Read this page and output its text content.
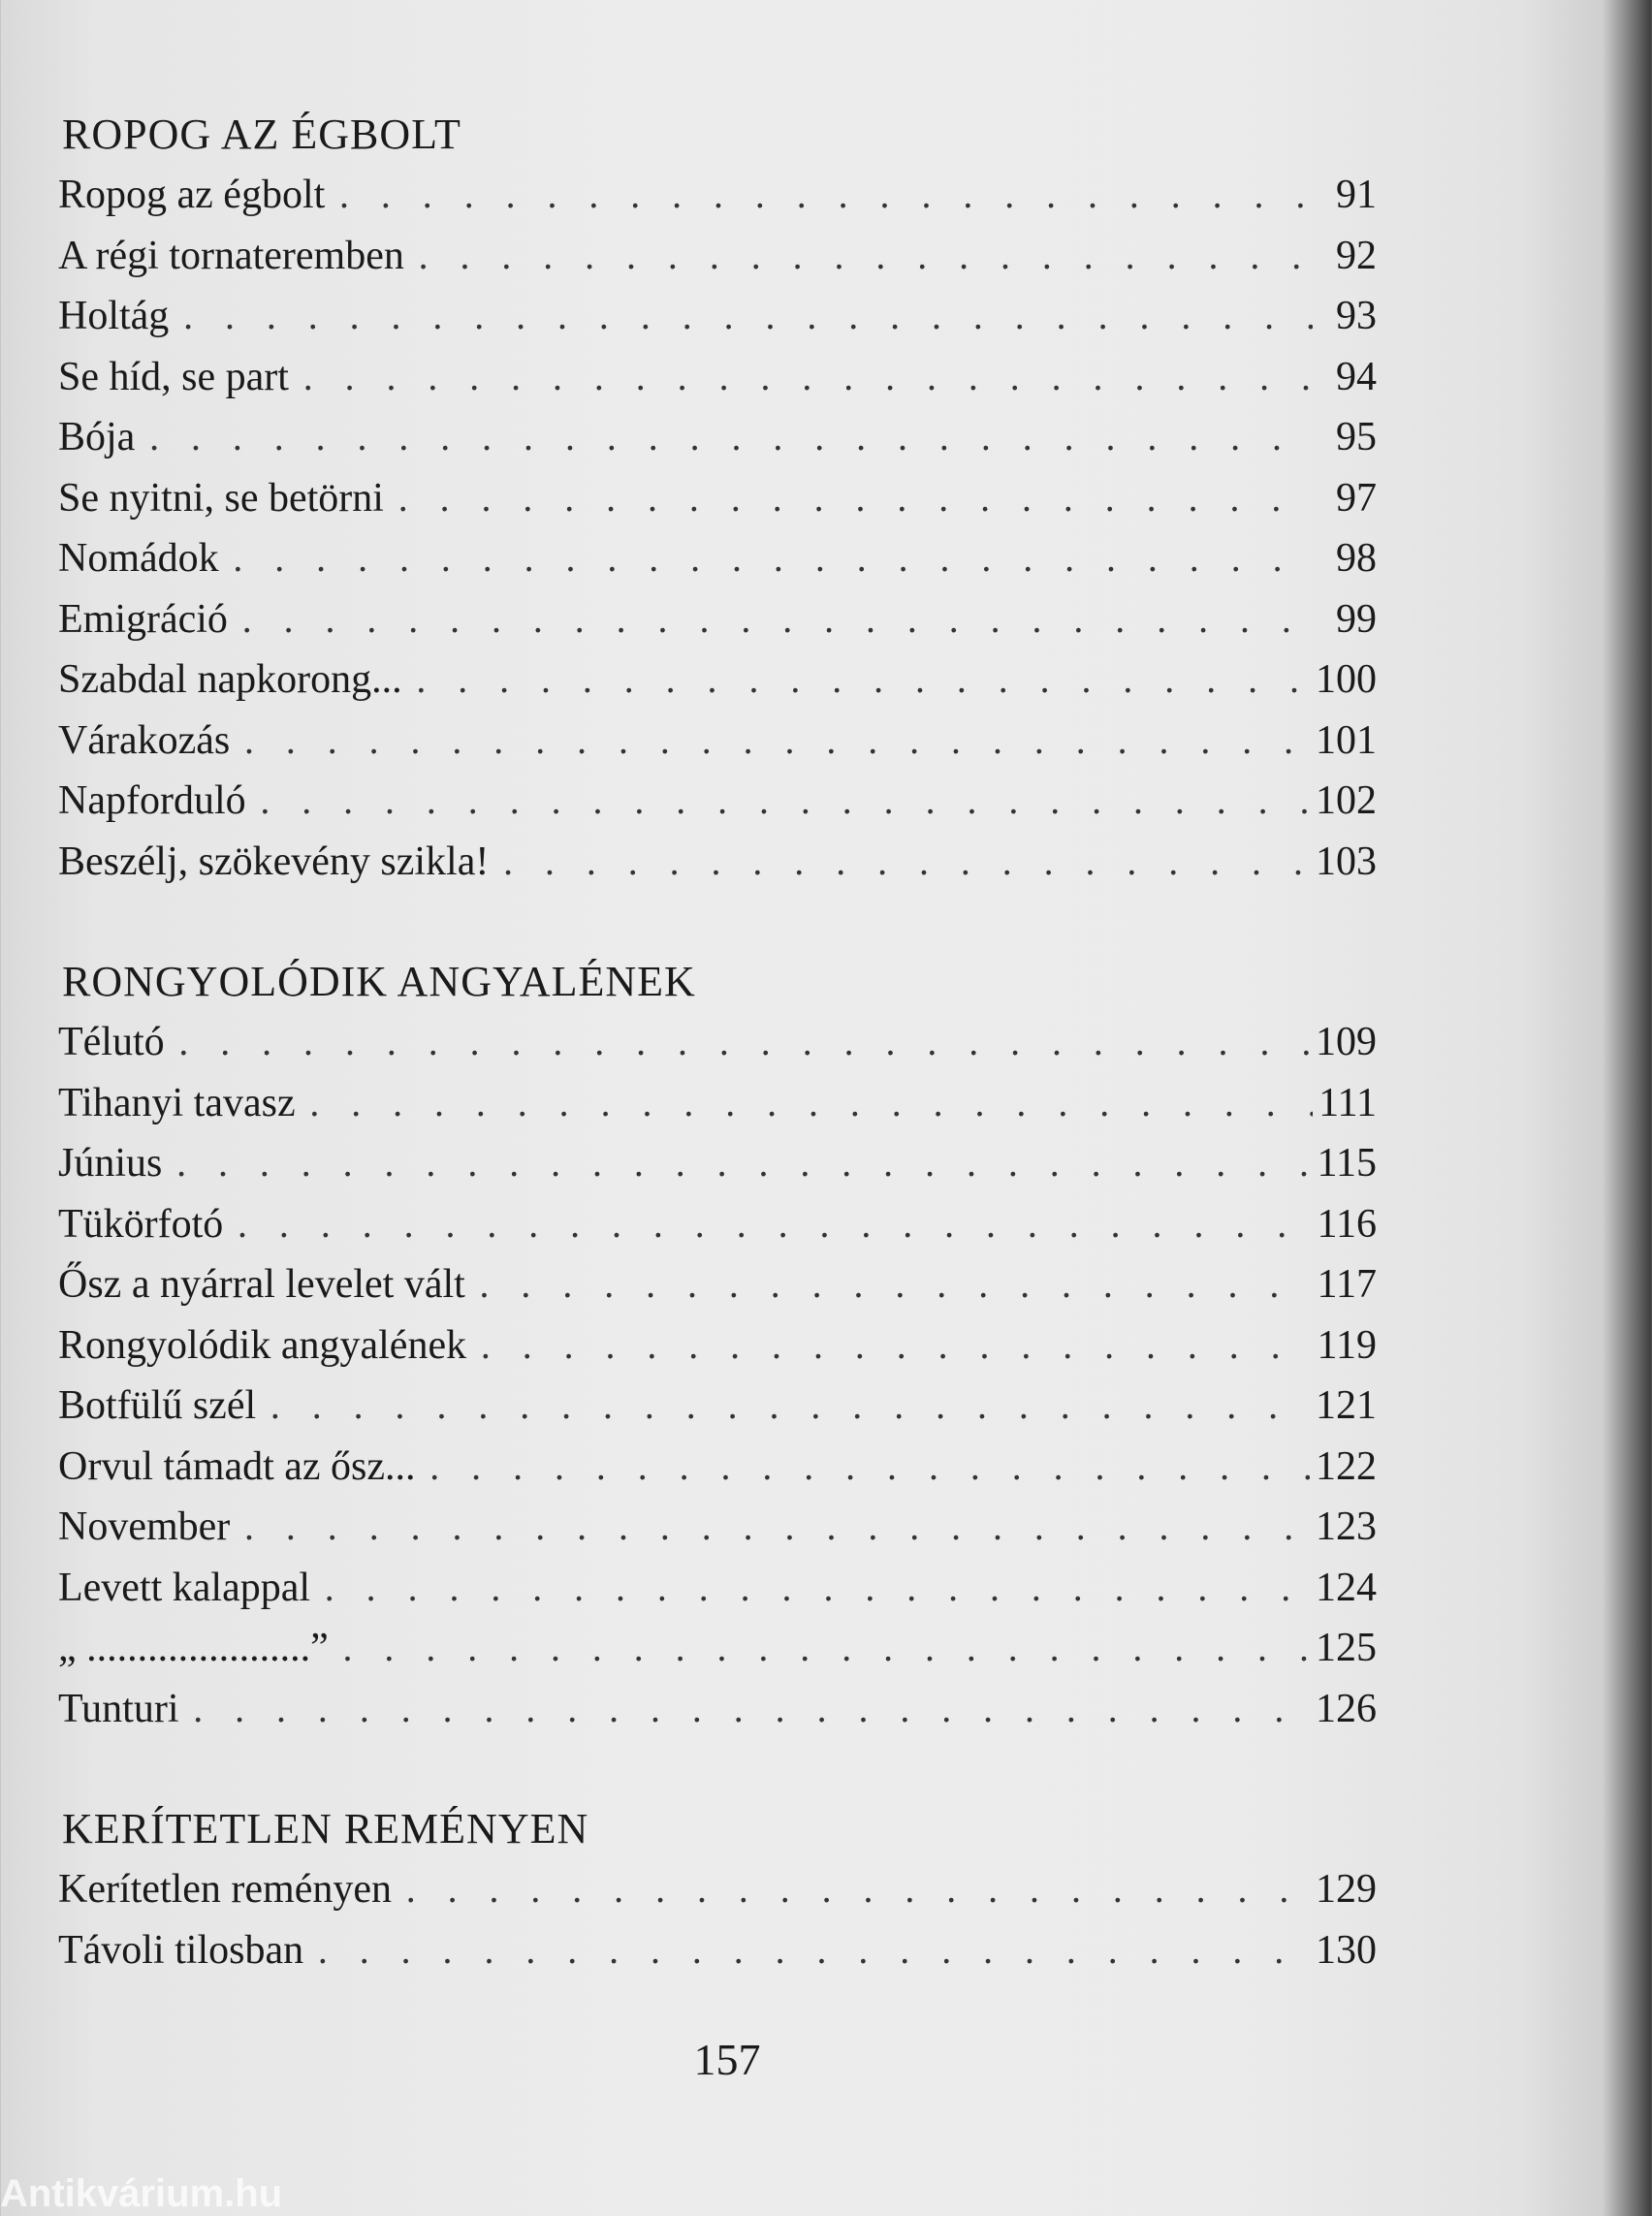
ROPOG AZ ÉGBOLT
Ropog az égbolt . . .	91
A régi tornateremben . . .	92
Holtág . . .	93
Se híd, se part . . .	94
Bója . . .	95
Se nyitni, se betörni . . .	97
Nomádok . . .	98
Emigráció . . .	99
Szabdal napkorong... . . .	100
Várakozás . . .	101
Napforduló . . .	102
Beszélj, szökevény szikla! . . .	103
RONGYOLÓDIK ANGYALÉNEK
Télutó . . .	109
Tihanyi tavasz . . .	111
Június . . .	115
Tükörfotó . . .	116
Ősz a nyárral levelet vált . . .	117
Rongyolódik angyalének . . .	119
Botfülű szél . . .	121
Orvul támadt az ősz... . . .	122
November . . .	123
Levett kalappal . . .	124
„ ......................” . . .	125
Tunturi . . .	126
KERÍTETLEN REMÉNYEN
Kerítetlen reményen . . .	129
Távoli tilosban . . .	130
157
Antikvárium.hu
